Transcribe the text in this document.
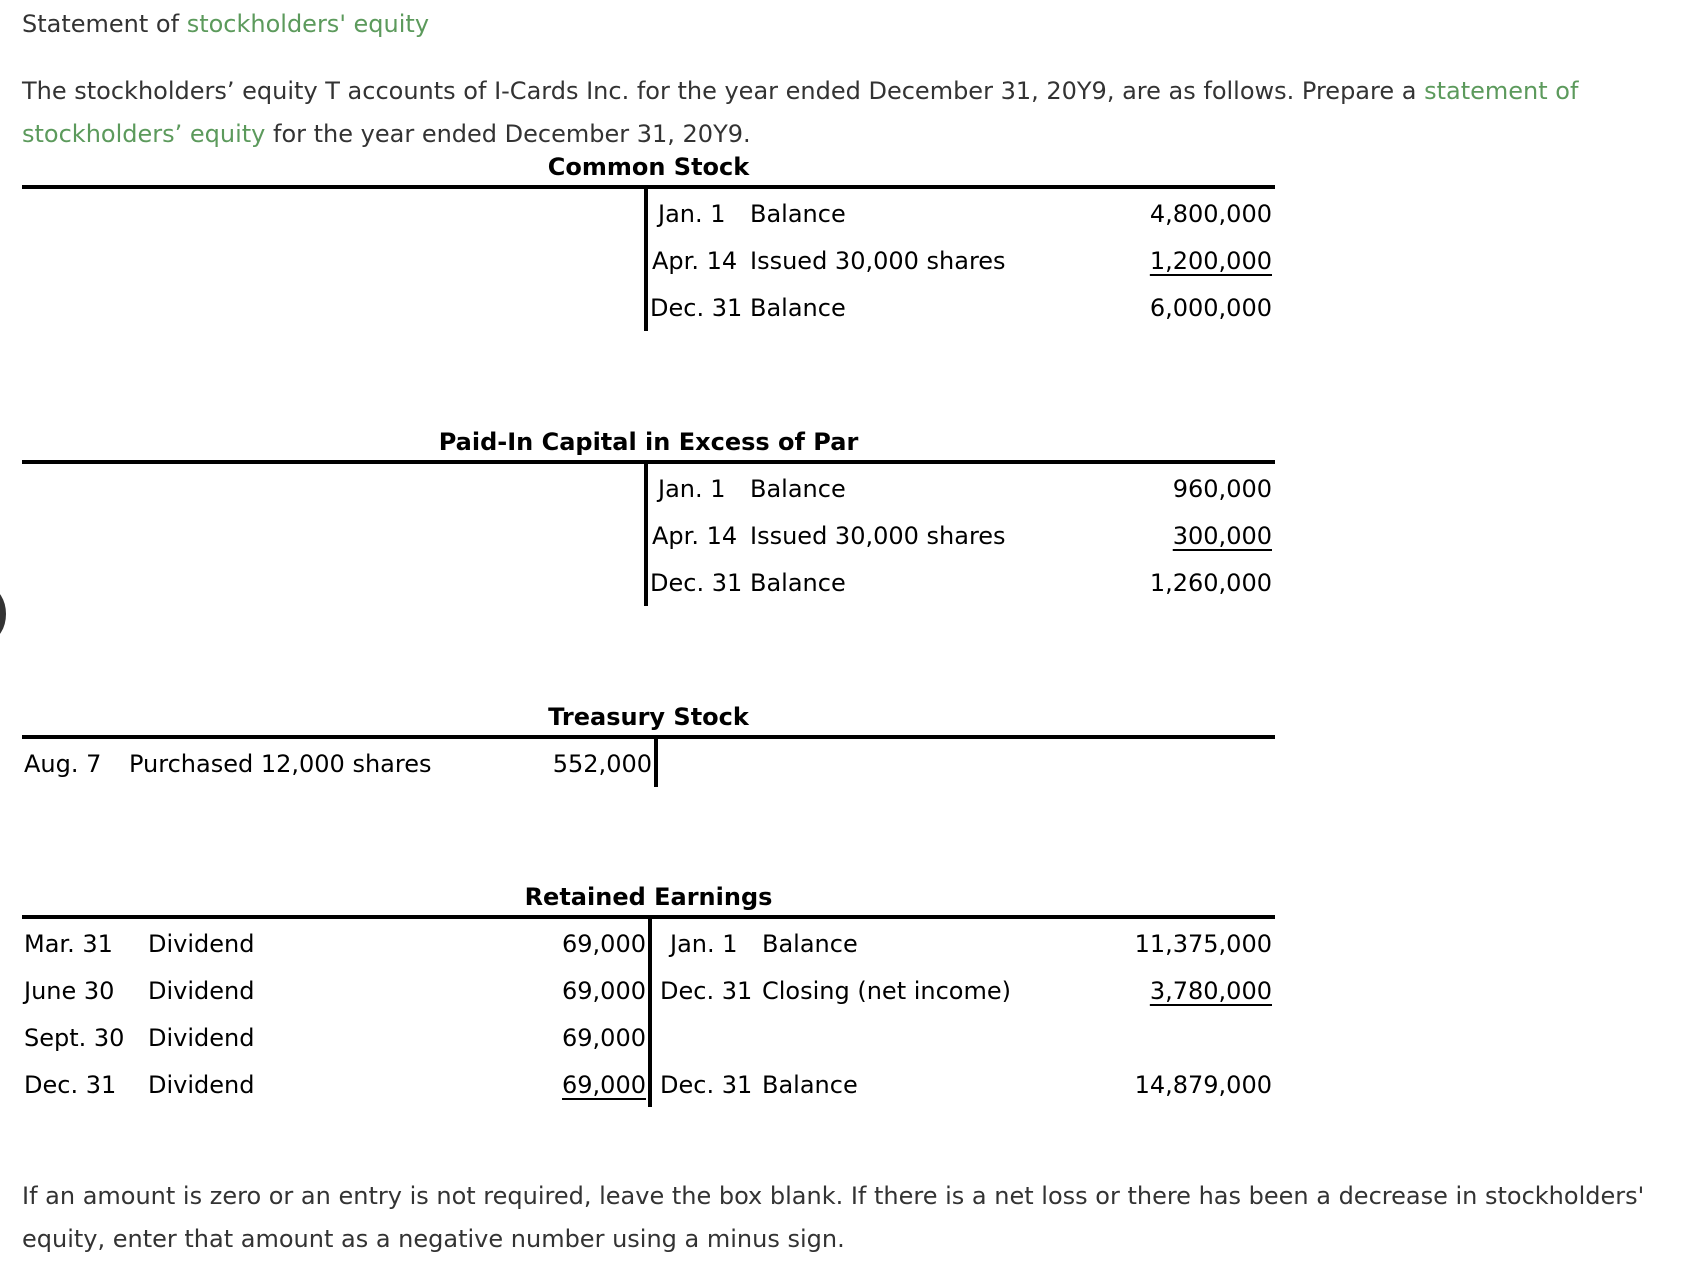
Statement of stockholders' equity
The stockholders’ equity T accounts of I-Cards Inc. for the year ended December 31, 20Y9, are as follows. Prepare a statement of stockholders’ equity for the year ended December 31, 20Y9.
Common Stock
Jan. 1 Balance	4,800,000
Apr. 14 Issued 30,000 shares	1,200,000
Dec. 31 Balance	6,000,000
Paid-In Capital in Excess of Par
Jan. 1 Balance	960,000
Apr. 14 Issued 30,000 shares	300,000
Dec. 31 Balance	1,260,000
Treasury Stock
Aug. 7 Purchased 12,000 shares	552,000
Retained Earnings
Mar. 31 Dividend	69,000
June 30 Dividend	69,000
Sept. 30 Dividend	69,000
Dec. 31 Dividend	69,000
Jan. 1 Balance	11,375,000
Dec. 31 Closing (net income)	3,780,000
Dec. 31 Balance	14,879,000
If an amount is zero or an entry is not required, leave the box blank. If there is a net loss or there has been a decrease in stockholders' equity, enter that amount as a negative number using a minus sign.
